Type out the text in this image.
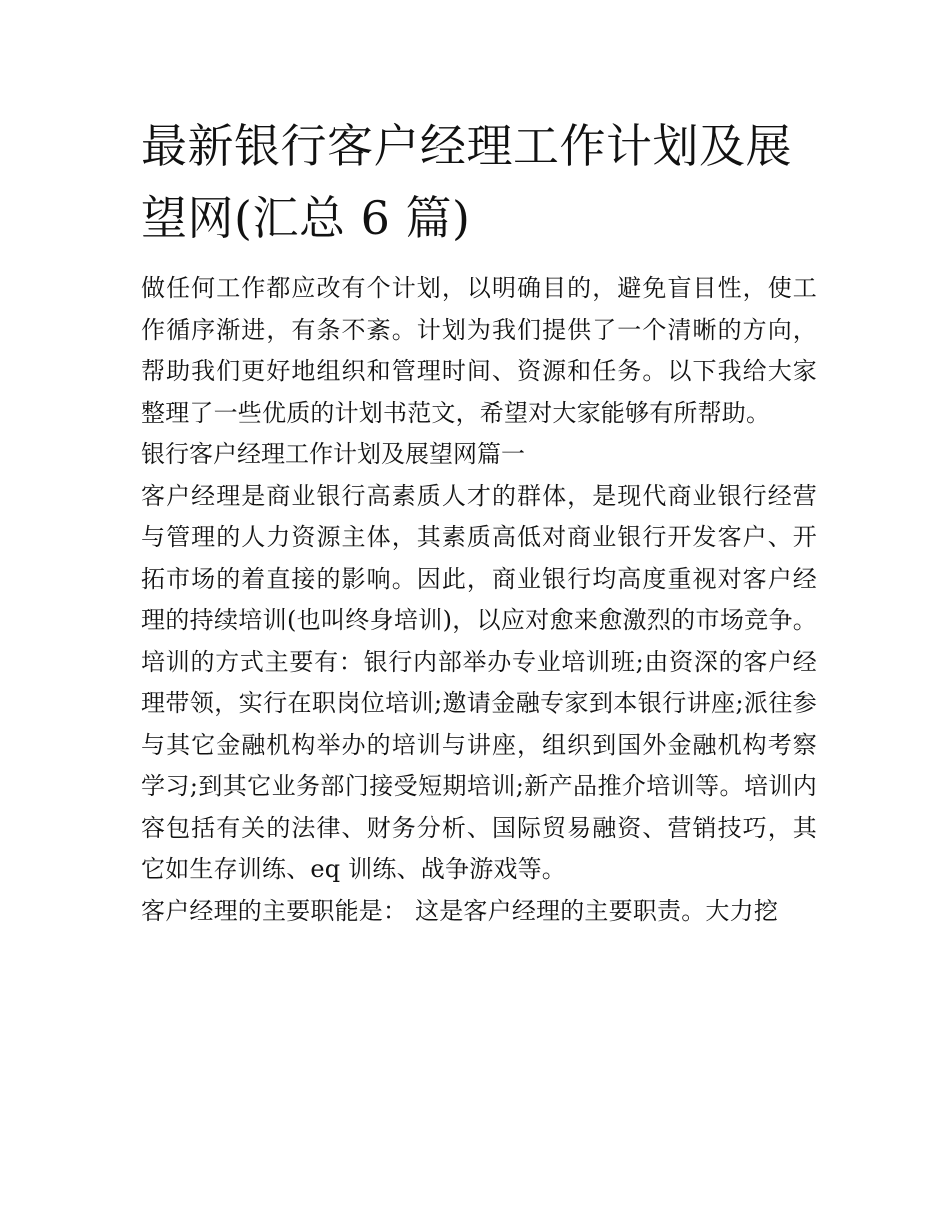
最新银行客户经理工作计划及展望网(汇总 6 篇)

做任何工作都应改有个计划，以明确目的，避免盲目性，使工作循序渐进，有条不紊。计划为我们提供了一个清晰的方向，帮助我们更好地组织和管理时间、资源和任务。以下我给大家整理了一些优质的计划书范文，希望对大家能够有所帮助。

银行客户经理工作计划及展望网篇一

客户经理是商业银行高素质人才的群体，是现代商业银行经营与管理的人力资源主体，其素质高低对商业银行开发客户、开拓市场的着直接的影响。因此，商业银行均高度重视对客户经理的持续培训(也叫终身培训)，以应对愈来愈激烈的市场竞争。培训的方式主要有：银行内部举办专业培训班;由资深的客户经理带领，实行在职岗位培训;邀请金融专家到本银行讲座;派往参与其它金融机构举办的培训与讲座，组织到国外金融机构考察学习;到其它业务部门接受短期培训;新产品推介培训等。培训内容包括有关的法律、财务分析、国际贸易融资、营销技巧，其它如生存训练、eq 训练、战争游戏等。

客户经理的主要职能是： 这是客户经理的主要职责。大力挖
